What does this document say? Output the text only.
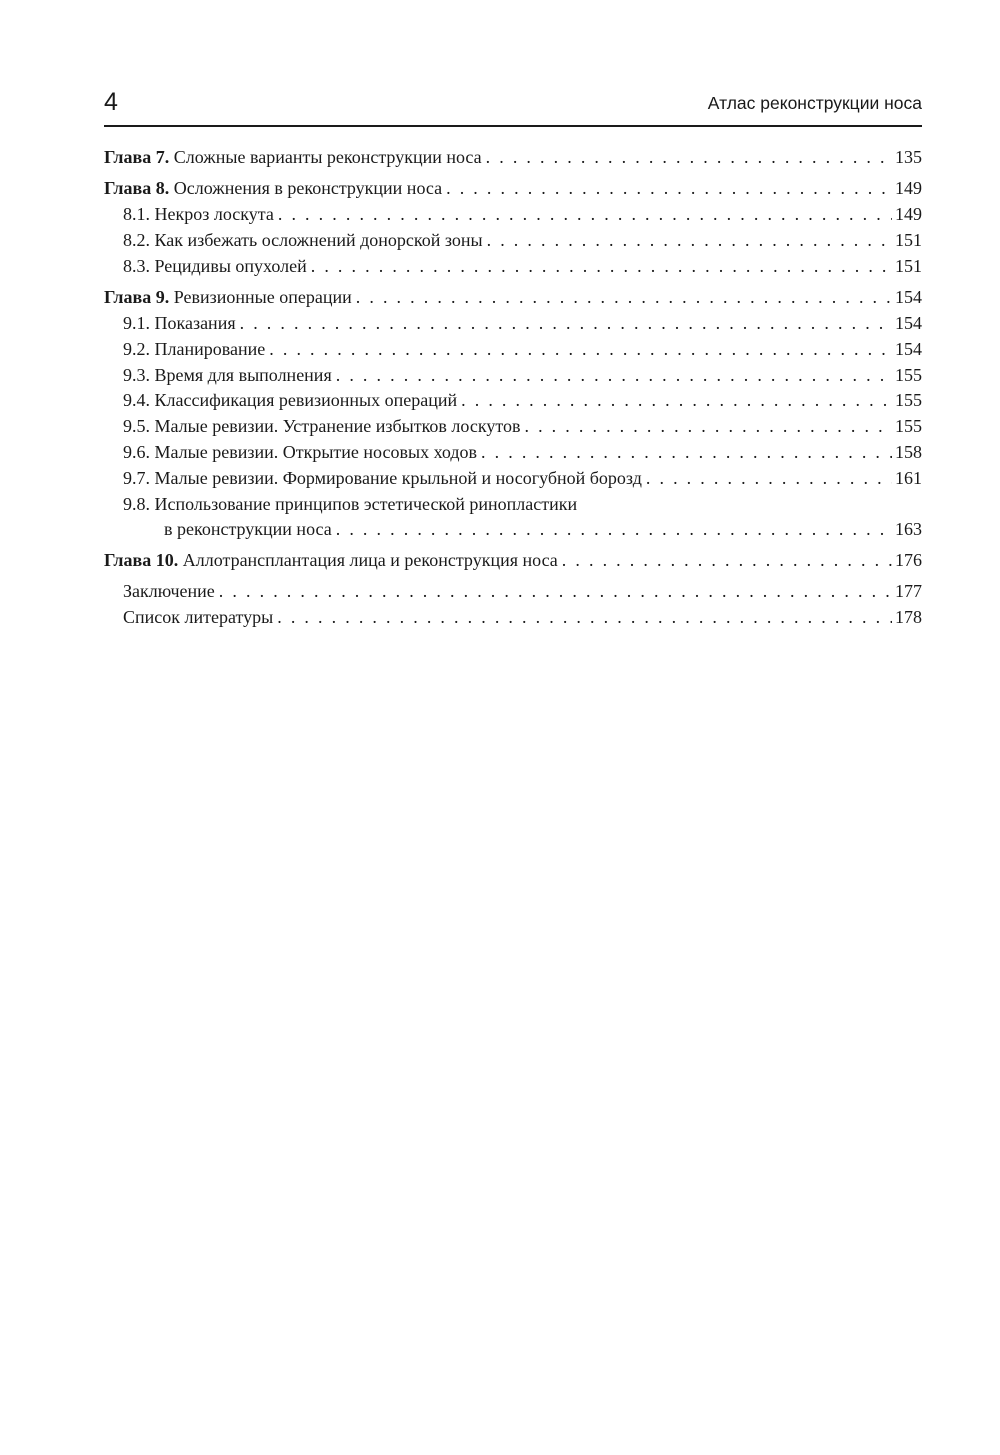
4	Атлас реконструкции носа
Глава 7. Сложные варианты реконструкции носа . . .	135
Глава 8. Осложнения в реконструкции носа . . .	149
8.1. Некроз лоскута . . .	149
8.2. Как избежать осложнений донорской зоны . . .	151
8.3. Рецидивы опухолей . . .	151
Глава 9. Ревизионные операции . . .	154
9.1. Показания . . .	154
9.2. Планирование . . .	154
9.3. Время для выполнения . . .	155
9.4. Классификация ревизионных операций . . .	155
9.5. Малые ревизии. Устранение избытков лоскутов . . .	155
9.6. Малые ревизии. Открытие носовых ходов . . .	158
9.7. Малые ревизии. Формирование крыльной и носогубной борозд . . .	161
9.8. Использование принципов эстетической ринопластики
в реконструкции носа . . .	163
Глава 10. Аллотрансплантация лица и реконструкция носа . . .	176
Заключение . . .	177
Список литературы . . .	178
